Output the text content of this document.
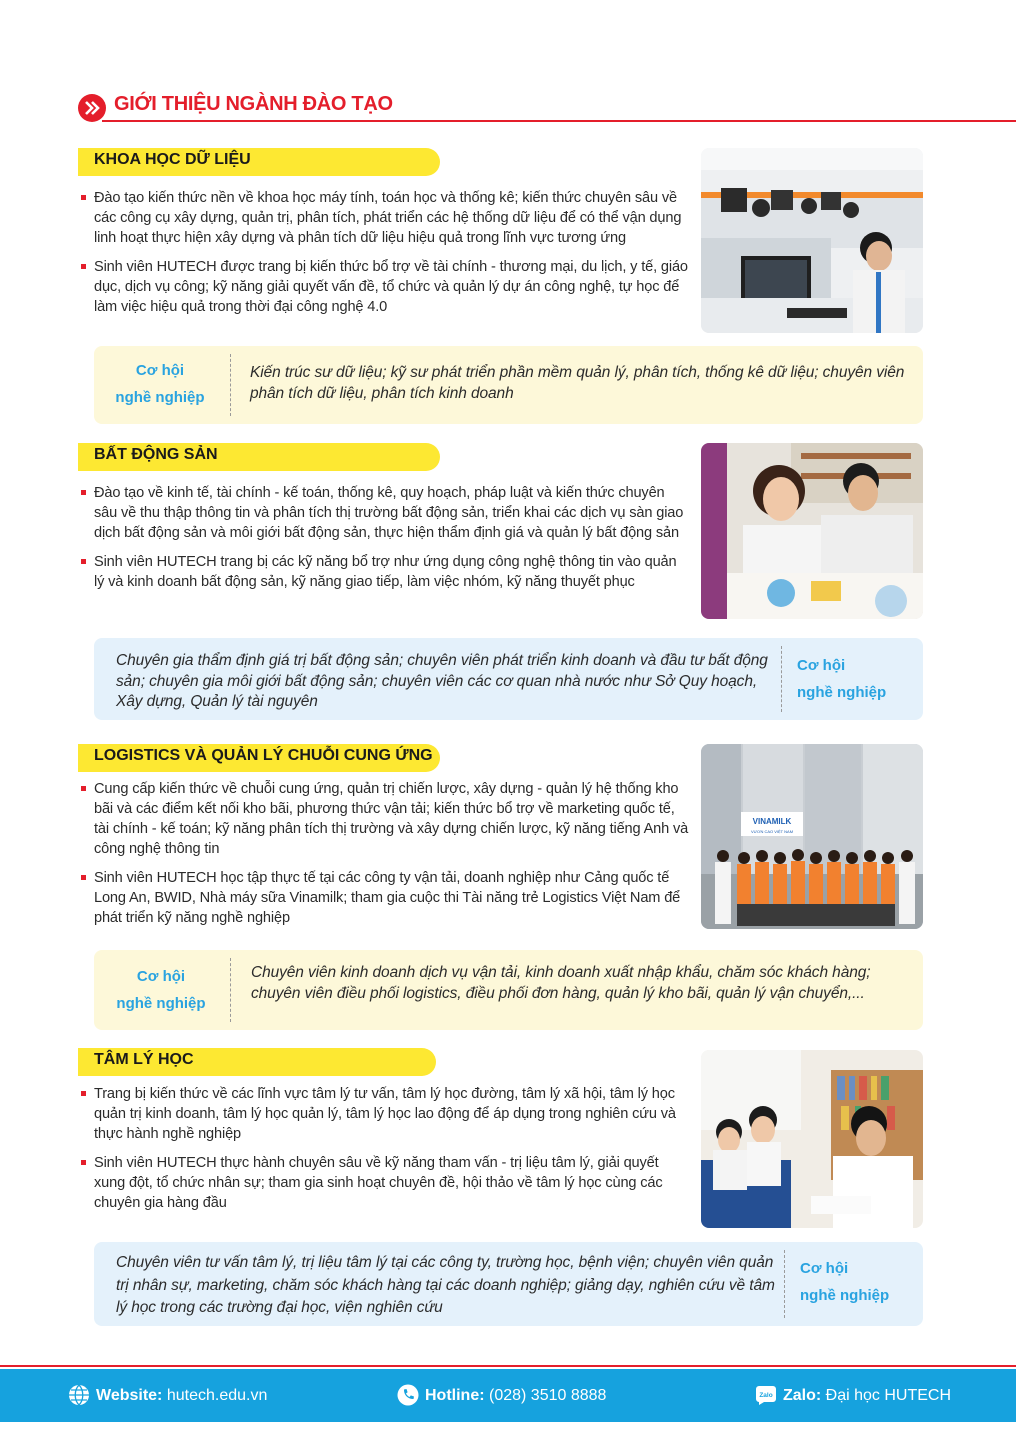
GIỚI THIỆU NGÀNH ĐÀO TẠO
KHOA HỌC DỮ LIỆU
Đào tạo kiến thức nền về khoa học máy tính, toán học và thống kê; kiến thức chuyên sâu về các công cụ xây dựng, quản trị, phân tích, phát triển các hệ thống dữ liệu để có thể vận dụng linh hoạt thực hiện xây dựng và phân tích dữ liệu hiệu quả trong lĩnh vực tương ứng
Sinh viên HUTECH được trang bị kiến thức bổ trợ về tài chính - thương mại, du lịch, y tế, giáo dục, dịch vụ công; kỹ năng giải quyết vấn đề, tổ chức và quản lý dự án công nghệ, tự học để làm việc hiệu quả trong thời đại công nghệ 4.0
Cơ hội
nghề nghiệp
Kiến trúc sư dữ liệu; kỹ sư phát triển phần mềm quản lý, phân tích, thống kê dữ liệu; chuyên viên phân tích dữ liệu, phân tích kinh doanh
BẤT ĐỘNG SẢN
Đào tạo về kinh tế, tài chính - kế toán, thống kê, quy hoạch, pháp luật và kiến thức chuyên sâu về thu thập thông tin và phân tích thị trường bất động sản, triển khai các dịch vụ sàn giao dịch bất động sản và môi giới bất động sản, thực hiện thẩm định giá và quản lý bất động sản
Sinh viên HUTECH trang bị các kỹ năng bổ trợ như ứng dụng công nghệ thông tin vào quản lý và kinh doanh bất động sản, kỹ năng giao tiếp, làm việc nhóm, kỹ năng thuyết phục
Chuyên gia thẩm định giá trị bất động sản; chuyên viên phát triển kinh doanh và đầu tư bất động sản; chuyên gia môi giới bất động sản; chuyên viên các cơ quan nhà nước như Sở Quy hoạch, Xây dựng, Quản lý tài nguyên
Cơ hội
nghề nghiệp
LOGISTICS VÀ QUẢN LÝ CHUỖI CUNG ỨNG
Cung cấp kiến thức về chuỗi cung ứng, quản trị chiến lược, xây dựng - quản lý hệ thống kho bãi và các điểm kết nối kho bãi, phương thức vận tải; kiến thức bổ trợ về marketing quốc tế, tài chính - kế toán; kỹ năng phân tích thị trường và xây dựng chiến lược, kỹ năng tiếng Anh và công nghệ thông tin
Sinh viên HUTECH học tập thực tế tại các công ty vận tải, doanh nghiệp như Cảng quốc tế Long An, BWID, Nhà máy sữa Vinamilk; tham gia cuộc thi Tài năng trẻ Logistics Việt Nam để phát triển kỹ năng nghề nghiệp
VINAMILK
VƯƠN CAO VIỆT NAM
Cơ hội
nghề nghiệp
Chuyên viên kinh doanh dịch vụ vận tải, kinh doanh xuất nhập khẩu, chăm sóc khách hàng; chuyên viên điều phối logistics, điều phối đơn hàng, quản lý kho bãi, quản lý vận chuyển,...
TÂM LÝ HỌC
Trang bị kiến thức về các lĩnh vực tâm lý tư vấn, tâm lý học đường, tâm lý xã hội, tâm lý học quản trị kinh doanh, tâm lý học quản lý, tâm lý học lao động để áp dụng trong nghiên cứu và thực hành nghề nghiệp
Sinh viên HUTECH thực hành chuyên sâu về kỹ năng tham vấn - trị liệu tâm lý, giải quyết xung đột, tổ chức nhân sự; tham gia sinh hoạt chuyên đề, hội thảo về tâm lý học cùng các chuyên gia hàng đầu
Chuyên viên tư vấn tâm lý, trị liệu tâm lý tại các công ty, trường học, bệnh viện; chuyên viên quản trị nhân sự, marketing, chăm sóc khách hàng tại các doanh nghiệp; giảng dạy, nghiên cứu về tâm lý học trong các trường đại học, viện nghiên cứu
Cơ hội
nghề nghiệp
Website: hutech.edu.vn	Hotline: (028) 3510 8888	Zalo Zalo: Đại học HUTECH
